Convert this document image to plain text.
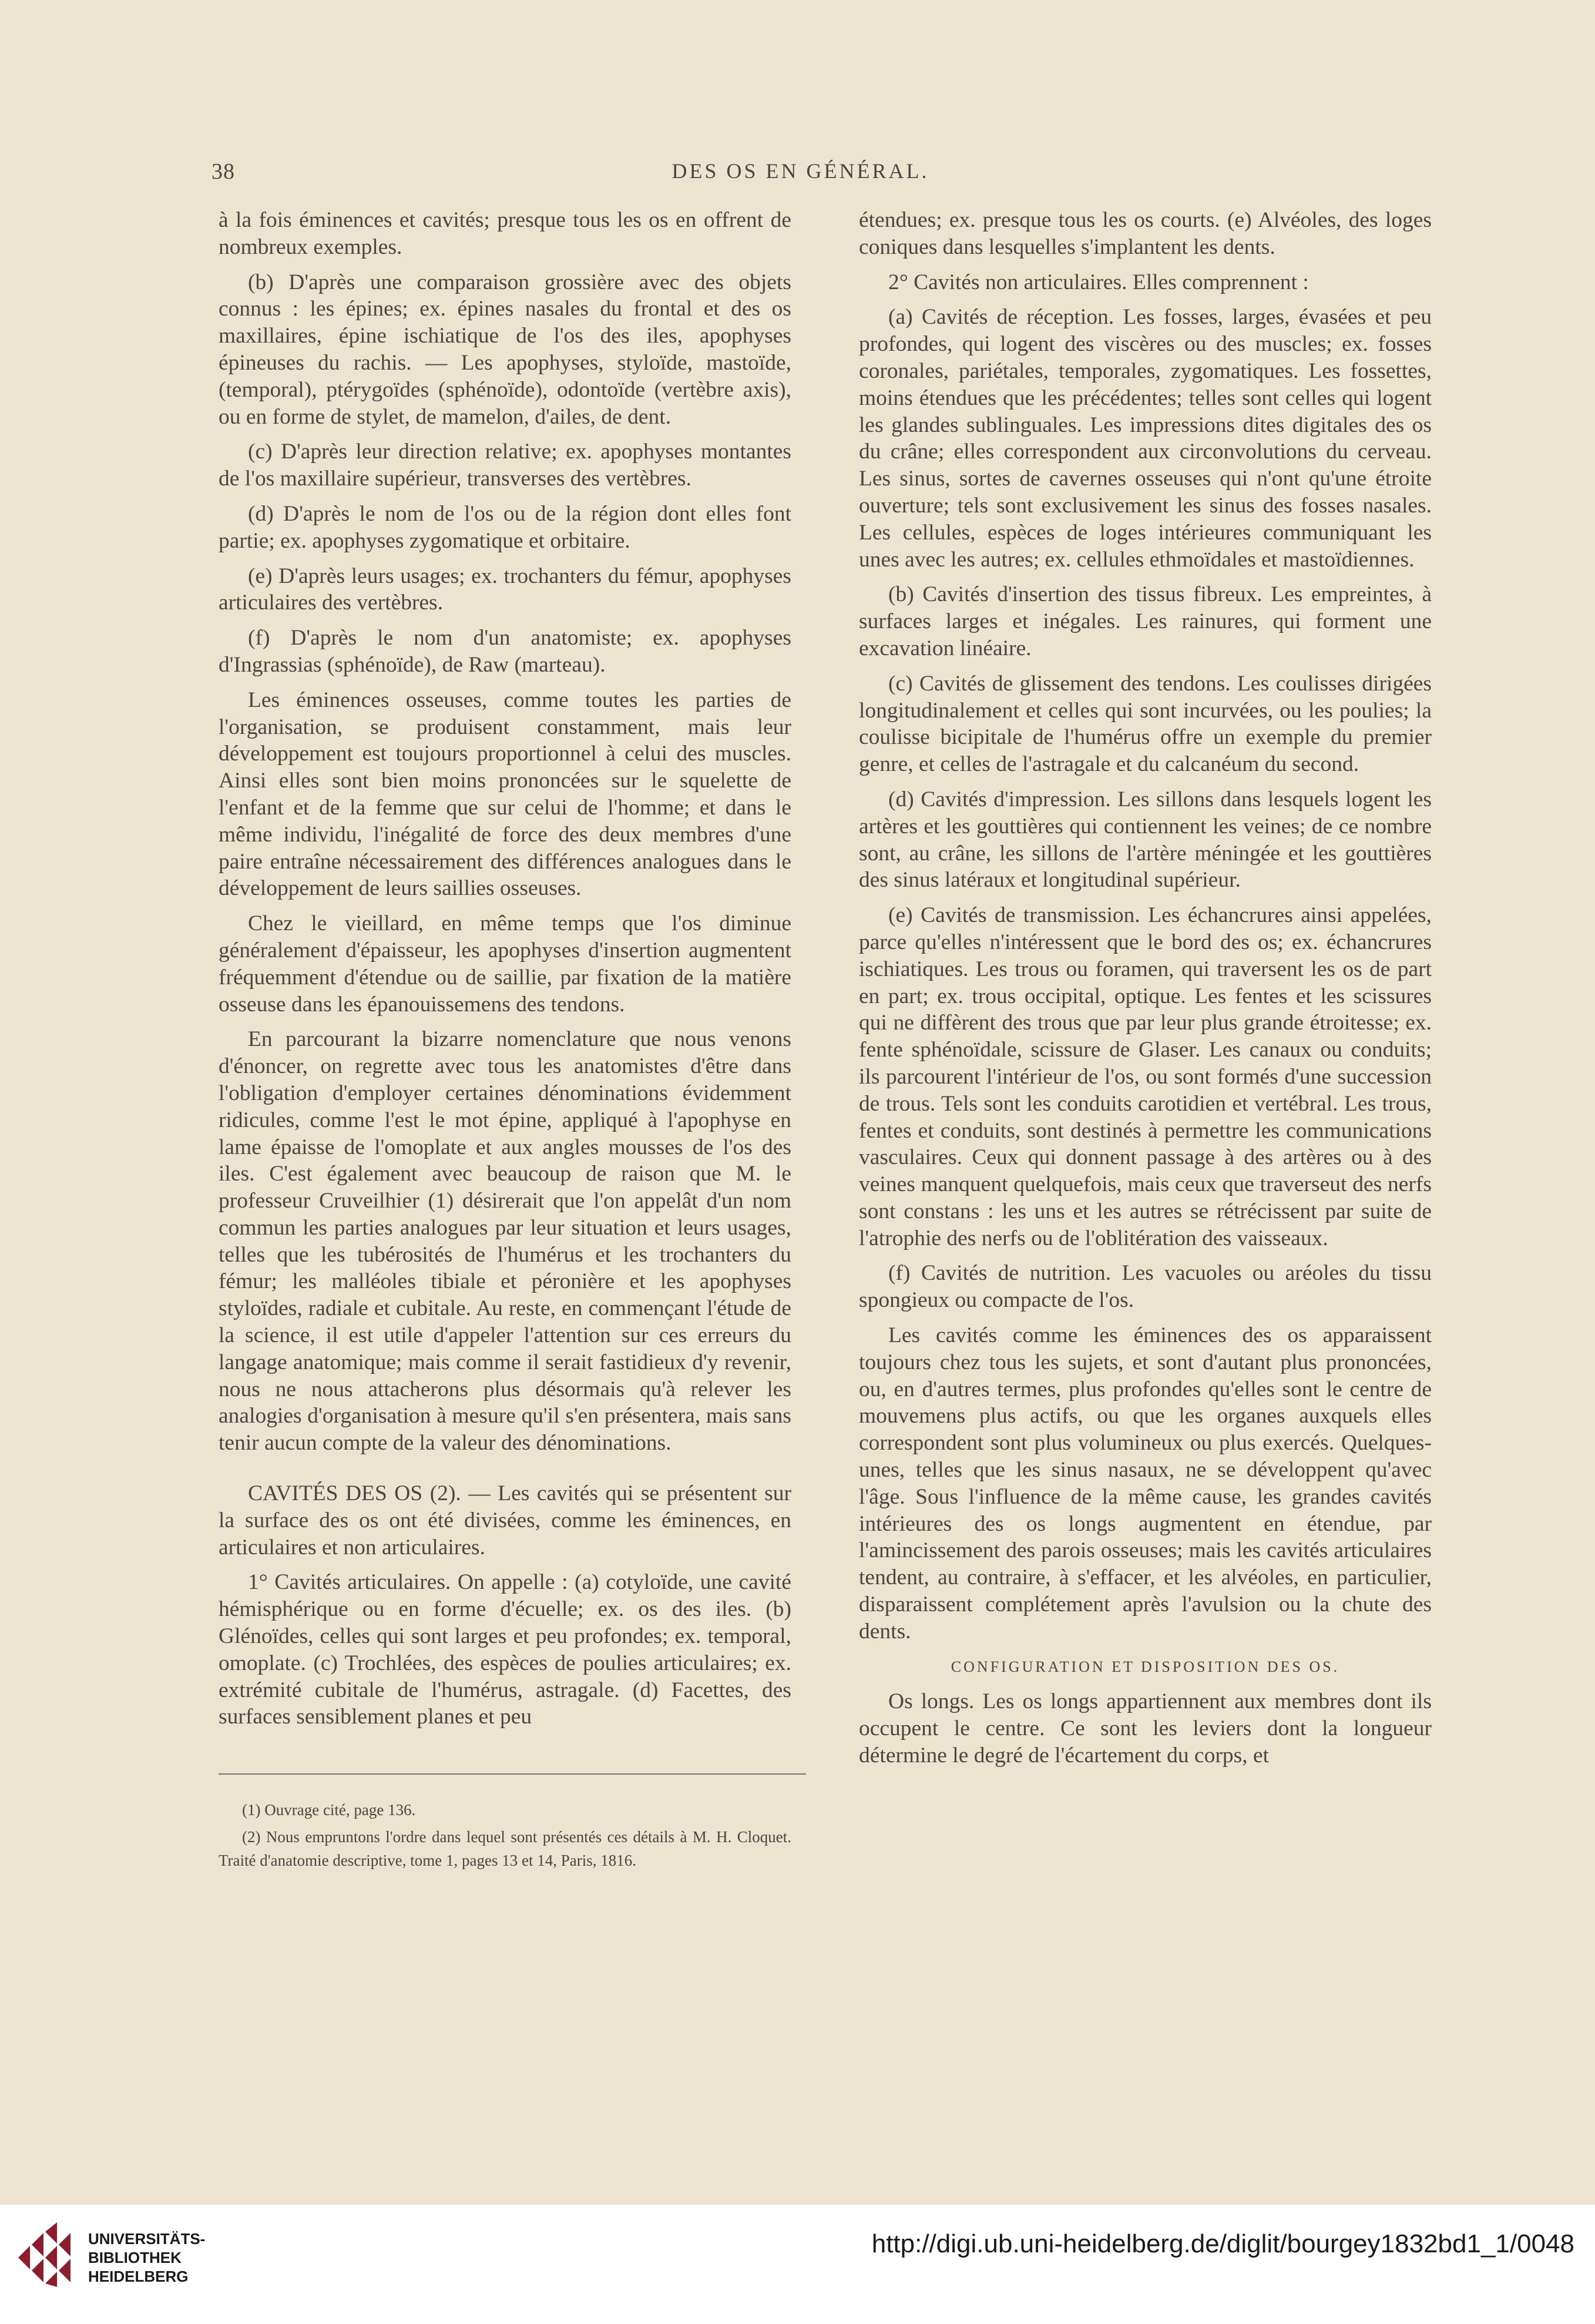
38	DES OS EN GÉNÉRAL.

à la fois éminences et cavités; presque tous les os en offrent de nombreux exemples.

(b) D'après une comparaison grossière avec des objets connus : les épines; ex. épines nasales du frontal et des os maxillaires, épine ischiatique de l'os des iles, apophyses épineuses du rachis. — Les apophyses, styloïde, mastoïde, (temporal), ptérygoïdes (sphénoïde), odontoïde (vertèbre axis), ou en forme de stylet, de mamelon, d'ailes, de dent.

(c) D'après leur direction relative; ex. apophyses montantes de l'os maxillaire supérieur, transverses des vertèbres.

(d) D'après le nom de l'os ou de la région dont elles font partie; ex. apophyses zygomatique et orbitaire.

(e) D'après leurs usages; ex. trochanters du fémur, apophyses articulaires des vertèbres.

(f) D'après le nom d'un anatomiste; ex. apophyses d'Ingrassias (sphénoïde), de Raw (marteau).

Les éminences osseuses, comme toutes les parties de l'organisation, se produisent constamment, mais leur développement est toujours proportionnel à celui des muscles. Ainsi elles sont bien moins prononcées sur le squelette de l'enfant et de la femme que sur celui de l'homme; et dans le même individu, l'inégalité de force des deux membres d'une paire entraîne nécessairement des différences analogues dans le développement de leurs saillies osseuses.

Chez le vieillard, en même temps que l'os diminue généralement d'épaisseur, les apophyses d'insertion augmentent fréquemment d'étendue ou de saillie, par fixation de la matière osseuse dans les épanouissemens des tendons.

En parcourant la bizarre nomenclature que nous venons d'énoncer, on regrette avec tous les anatomistes d'être dans l'obligation d'employer certaines dénominations évidemment ridicules, comme l'est le mot épine, appliqué à l'apophyse en lame épaisse de l'omoplate et aux angles mousses de l'os des iles. C'est également avec beaucoup de raison que M. le professeur Cruveilhier (1) désirerait que l'on appelât d'un nom commun les parties analogues par leur situation et leurs usages, telles que les tubérosités de l'humérus et les trochanters du fémur; les malléoles tibiale et péronière et les apophyses styloïdes, radiale et cubitale. Au reste, en commençant l'étude de la science, il est utile d'appeler l'attention sur ces erreurs du langage anatomique; mais comme il serait fastidieux d'y revenir, nous ne nous attacherons plus désormais qu'à relever les analogies d'organisation à mesure qu'il s'en présentera, mais sans tenir aucun compte de la valeur des dénominations.

CAVITÉS DES OS (2). — Les cavités qui se présentent sur la surface des os ont été divisées, comme les éminences, en articulaires et non articulaires.

1° Cavités articulaires. On appelle : (a) cotyloïde, une cavité hémisphérique ou en forme d'écuelle; ex. os des iles. (b) Glénoïdes, celles qui sont larges et peu profondes; ex. temporal, omoplate. (c) Trochlées, des espèces de poulies articulaires; ex. extrémité cubitale de l'humérus, astragale. (d) Facettes, des surfaces sensiblement planes et peu

étendues; ex. presque tous les os courts. (e) Alvéoles, des loges coniques dans lesquelles s'implantent les dents.

2° Cavités non articulaires. Elles comprennent :

(a) Cavités de réception. Les fosses, larges, évasées et peu profondes, qui logent des viscères ou des muscles; ex. fosses coronales, pariétales, temporales, zygomatiques. Les fossettes, moins étendues que les précédentes; telles sont celles qui logent les glandes sublinguales. Les impressions dites digitales des os du crâne; elles correspondent aux circonvolutions du cerveau. Les sinus, sortes de cavernes osseuses qui n'ont qu'une étroite ouverture; tels sont exclusivement les sinus des fosses nasales. Les cellules, espèces de loges intérieures communiquant les unes avec les autres; ex. cellules ethmoïdales et mastoïdiennes.

(b) Cavités d'insertion des tissus fibreux. Les empreintes, à surfaces larges et inégales. Les rainures, qui forment une excavation linéaire.

(c) Cavités de glissement des tendons. Les coulisses dirigées longitudinalement et celles qui sont incurvées, ou les poulies; la coulisse bicipitale de l'humérus offre un exemple du premier genre, et celles de l'astragale et du calcanéum du second.

(d) Cavités d'impression. Les sillons dans lesquels logent les artères et les gouttières qui contiennent les veines; de ce nombre sont, au crâne, les sillons de l'artère méningée et les gouttières des sinus latéraux et longitudinal supérieur.

(e) Cavités de transmission. Les échancrures ainsi appelées, parce qu'elles n'intéressent que le bord des os; ex. échancrures ischiatiques. Les trous ou foramen, qui traversent les os de part en part; ex. trous occipital, optique. Les fentes et les scissures qui ne diffèrent des trous que par leur plus grande étroitesse; ex. fente sphénoïdale, scissure de Glaser. Les canaux ou conduits; ils parcourent l'intérieur de l'os, ou sont formés d'une succession de trous. Tels sont les conduits carotidien et vertébral. Les trous, fentes et conduits, sont destinés à permettre les communications vasculaires. Ceux qui donnent passage à des artères ou à des veines manquent quelquefois, mais ceux que traverseut des nerfs sont constans : les uns et les autres se rétrécissent par suite de l'atrophie des nerfs ou de l'oblitération des vaisseaux.

(f) Cavités de nutrition. Les vacuoles ou aréoles du tissu spongieux ou compacte de l'os.

Les cavités comme les éminences des os apparaissent toujours chez tous les sujets, et sont d'autant plus prononcées, ou, en d'autres termes, plus profondes qu'elles sont le centre de mouvemens plus actifs, ou que les organes auxquels elles correspondent sont plus volumineux ou plus exercés. Quelques-unes, telles que les sinus nasaux, ne se développent qu'avec l'âge. Sous l'influence de la même cause, les grandes cavités intérieures des os longs augmentent en étendue, par l'amincissement des parois osseuses; mais les cavités articulaires tendent, au contraire, à s'effacer, et les alvéoles, en particulier, disparaissent complétement après l'avulsion ou la chute des dents.

CONFIGURATION ET DISPOSITION DES OS.

Os longs. Les os longs appartiennent aux membres dont ils occupent le centre. Ce sont les leviers dont la longueur détermine le degré de l'écartement du corps, et

(1) Ouvrage cité, page 136.

(2) Nous empruntons l'ordre dans lequel sont présentés ces détails à M. H. Cloquet. Traité d'anatomie descriptive, tome 1, pages 13 et 14, Paris, 1816.

UNIVERSITÄTS-
BIBLIOTHEK
HEIDELBERG
http://digi.ub.uni-heidelberg.de/diglit/bourgey1832bd1_1/0048
